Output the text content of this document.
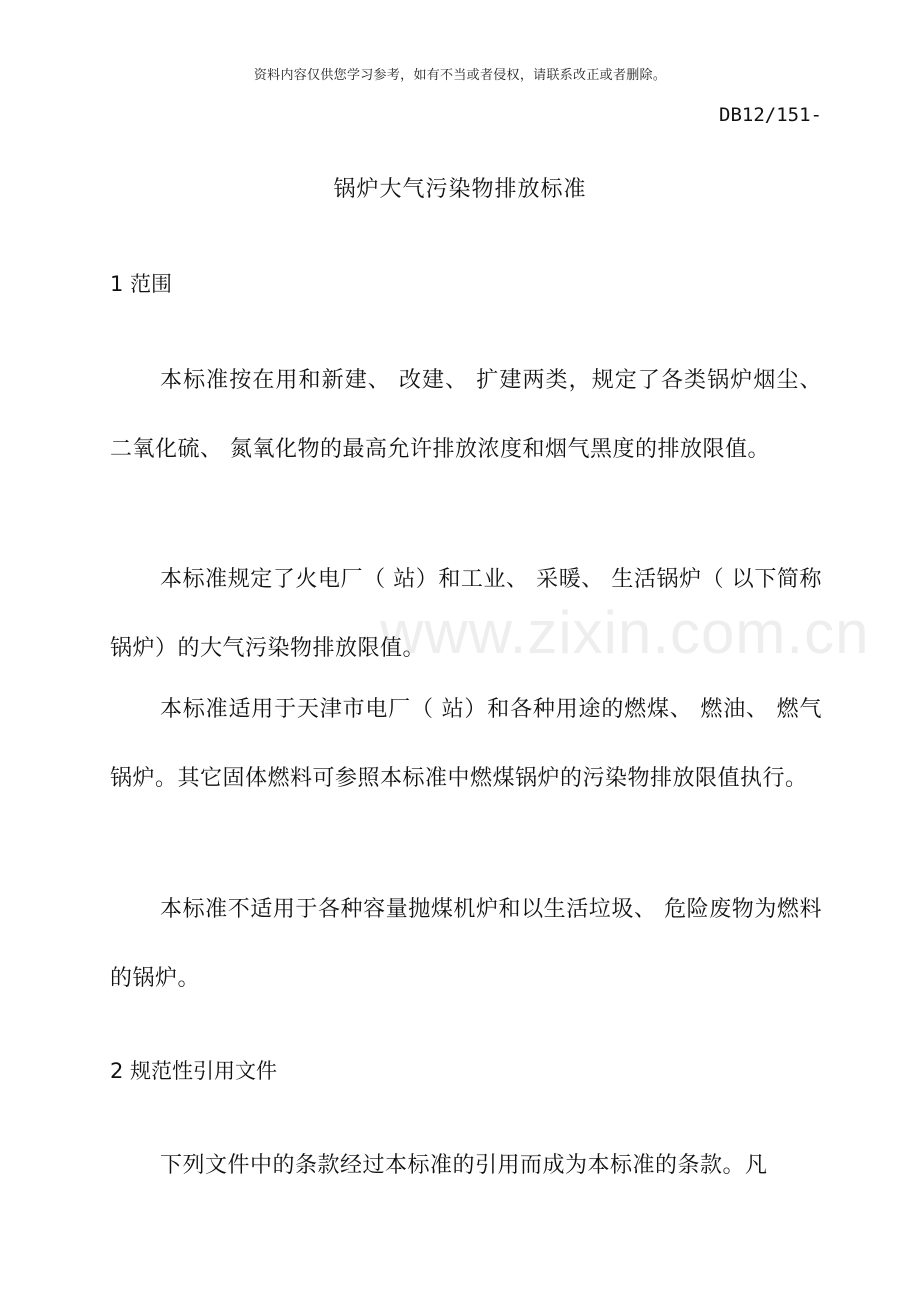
资料内容仅供您学习参考，如有不当或者侵权，请联系改正或者删除。
DB12/151-
锅炉大气污染物排放标准
1 范围

本标准按在用和新建、 改建、 扩建两类，规定了各类锅炉烟尘、 二氧化硫、 氮氧化物的最高允许排放浓度和烟气黑度的排放限值。

本标准规定了火电厂（ 站）和工业、 采暖、 生活锅炉（ 以下简称锅炉）的大气污染物排放限值。

本标准适用于天津市电厂（ 站）和各种用途的燃煤、 燃油、 燃气锅炉。其它固体燃料可参照本标准中燃煤锅炉的污染物排放限值执行。

本标准不适用于各种容量抛煤机炉和以生活垃圾、 危险废物为燃料的锅炉。

2 规范性引用文件

下列文件中的条款经过本标准的引用而成为本标准的条款。凡

www.zixin.com.cn
